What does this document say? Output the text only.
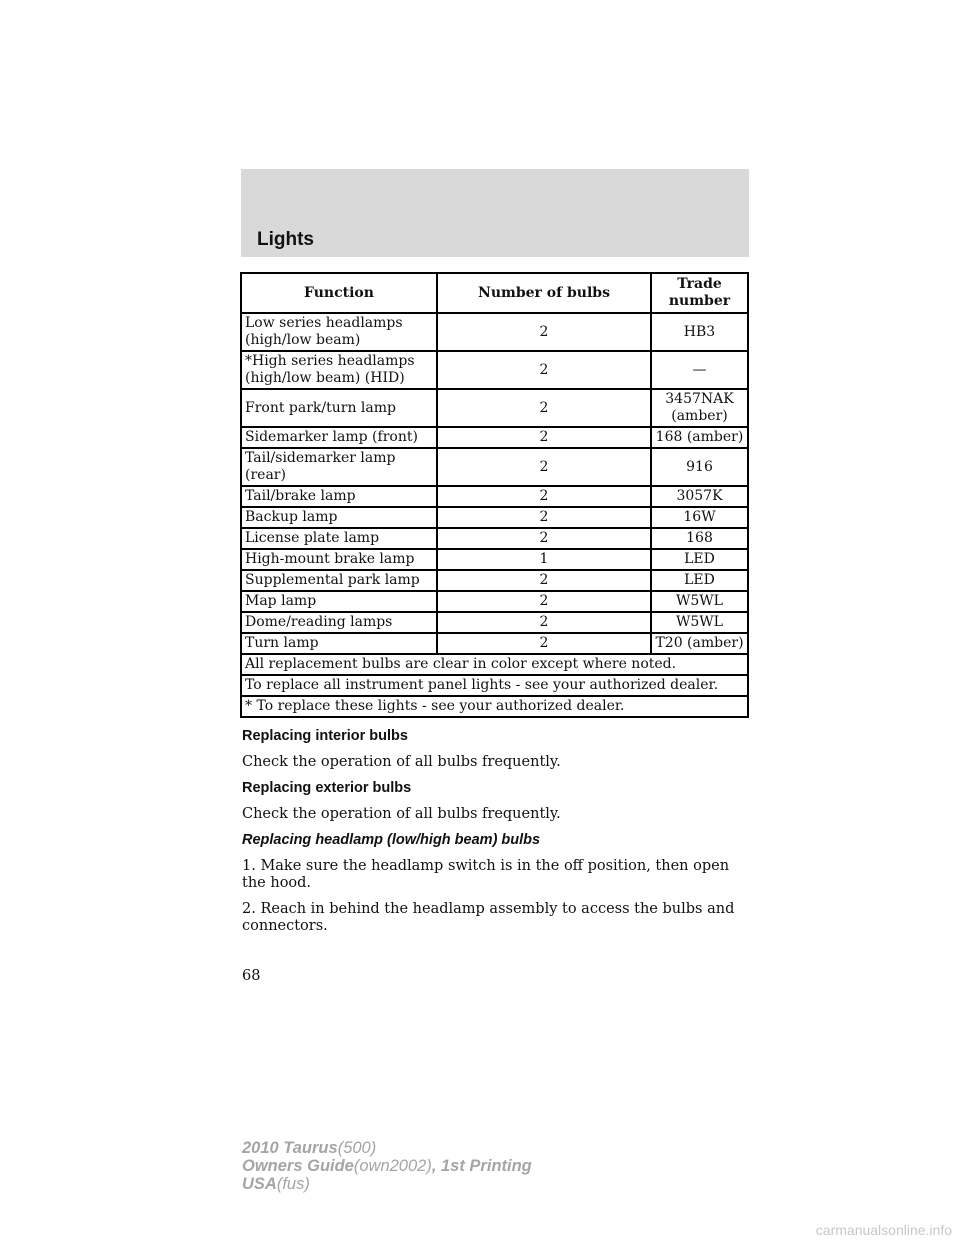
Lights
Function	Number of bulbs	Trade number
Low series headlamps (high/low beam)	2	HB3
*High series headlamps (high/low beam) (HID)	2	—
Front park/turn lamp	2	3457NAK (amber)
Sidemarker lamp (front)	2	168 (amber)
Tail/sidemarker lamp (rear)	2	916
Tail/brake lamp	2	3057K
Backup lamp	2	16W
License plate lamp	2	168
High-mount brake lamp	1	LED
Supplemental park lamp	2	LED
Map lamp	2	W5WL
Dome/reading lamps	2	W5WL
Turn lamp	2	T20 (amber)
All replacement bulbs are clear in color except where noted.		
To replace all instrument panel lights - see your authorized dealer.		
* To replace these lights - see your authorized dealer.		
Replacing interior bulbs

Check the operation of all bulbs frequently.

Replacing exterior bulbs

Check the operation of all bulbs frequently.

Replacing headlamp (low/high beam) bulbs

1. Make sure the headlamp switch is in the off position, then open the hood.

2. Reach in behind the headlamp assembly to access the bulbs and connectors.

68
2010 Taurus(500)
Owners Guide(own2002), 1st Printing
USA(fus)
carmanualsonline.info
